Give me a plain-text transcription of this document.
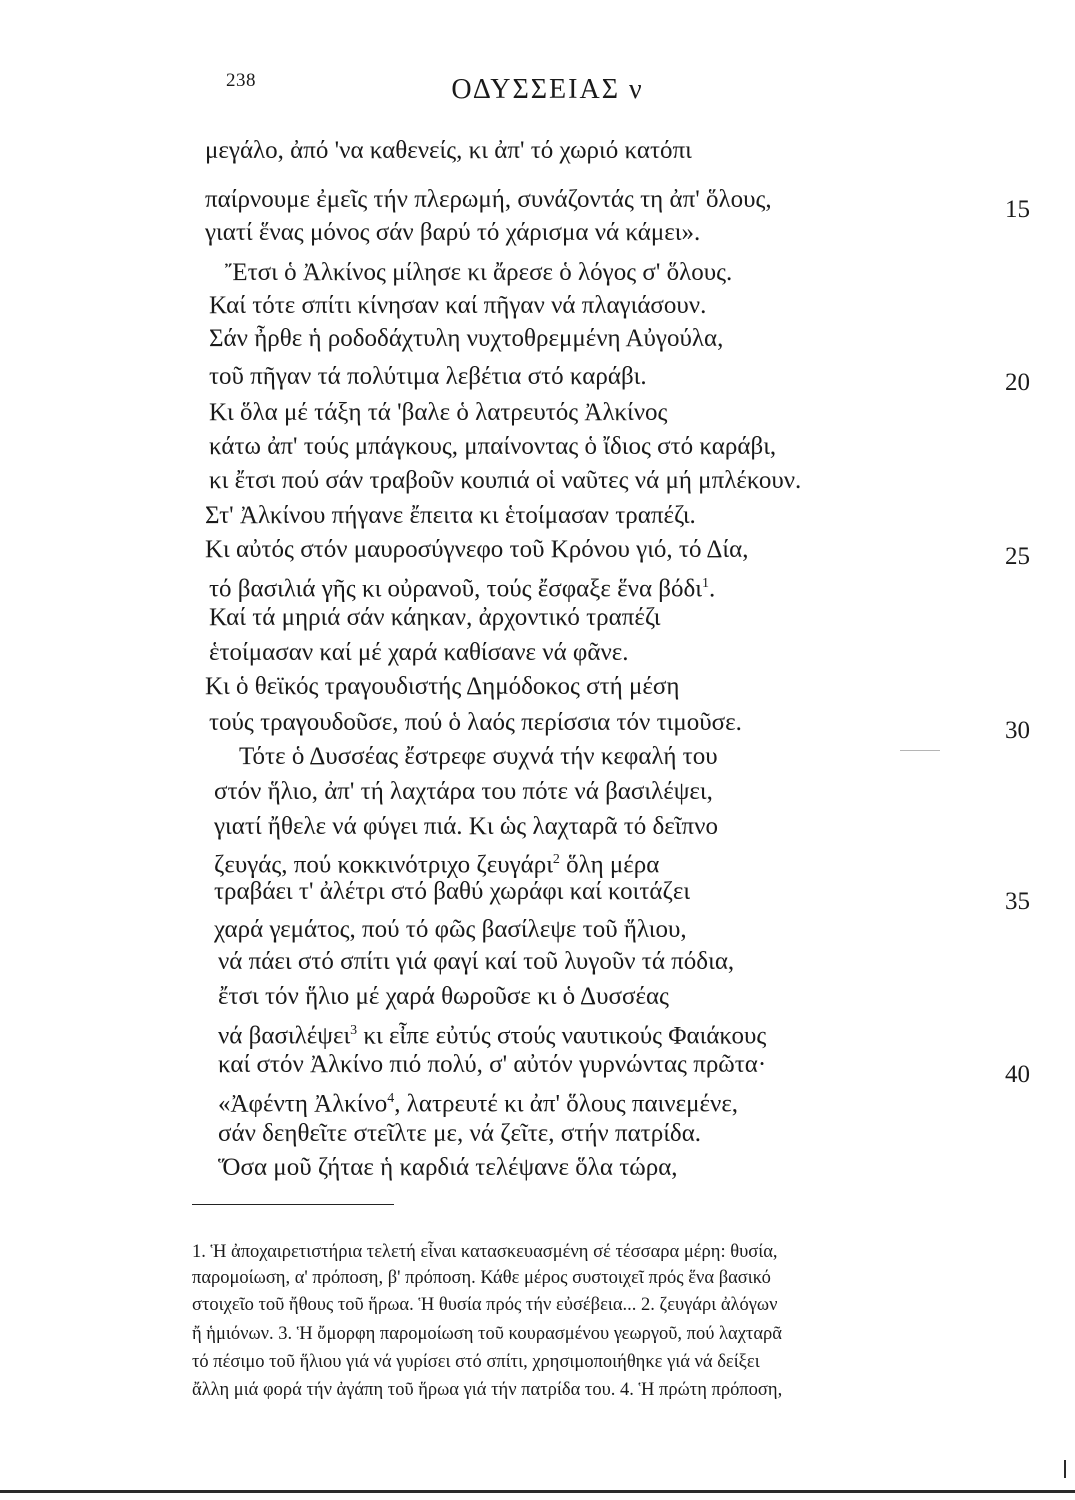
238	ΟΔΥΣΣΕΙΑΣ ν
μεγάλο, ἀπό 'να καθενείς, κι ἀπ' τό χωριό κατόπι
παίρνουμε ἐμεῖς τήν πλερωμή, συνάζοντάς τη ἀπ' ὅλους,
γιατί ἕνας μόνος σάν βαρύ τό χάρισμα νά κάμει».
Ἔτσι ὁ Ἀλκίνος μίλησε κι ἄρεσε ὁ λόγος σ' ὅλους.
Καί τότε σπίτι κίνησαν καί πῆγαν νά πλαγιάσουν.
Σάν ἦρθε ἡ ροδοδάχτυλη νυχτοθρεμμένη Αὐγούλα,
τοῦ πῆγαν τά πολύτιμα λεβέτια στό καράβι.
Κι ὅλα μέ τάξη τά 'βαλε ὁ λατρευτός Ἀλκίνος
κάτω ἀπ' τούς μπάγκους, μπαίνοντας ὁ ἴδιος στό καράβι,
κι ἔτσι πού σάν τραβοῦν κουπιά οἱ ναῦτες νά μή μπλέκουν.
Στ' Ἀλκίνου πήγανε ἔπειτα κι ἑτοίμασαν τραπέζι.
Κι αὐτός στόν μαυροσύγνεφο τοῦ Κρόνου γιό, τό Δία,
τό βασιλιά γῆς κι οὐρανοῦ, τούς ἔσφαξε ἕνα βόδι$^1$.
Καί τά μηριά σάν κάηκαν, ἀρχοντικό τραπέζι
ἑτοίμασαν καί μέ χαρά καθίσανε νά φᾶνε.
Κι ὁ θεϊκός τραγουδιστής Δημόδοκος στή μέση
τούς τραγουδοῦσε, πού ὁ λαός περίσσια τόν τιμοῦσε.
Τότε ὁ Δυσσέας ἔστρεφε συχνά τήν κεφαλή του
στόν ἥλιο, ἀπ' τή λαχτάρα του πότε νά βασιλέψει,
γιατί ἤθελε νά φύγει πιά. Κι ὡς λαχταρᾶ τό δεῖπνο
ζευγάς, πού κοκκινότριχο ζευγάρι$^2$ ὅλη μέρα
τραβάει τ' ἀλέτρι στό βαθύ χωράφι καί κοιτάζει
χαρά γεμάτος, πού τό φῶς βασίλεψε τοῦ ἥλιου,
νά πάει στό σπίτι γιά φαγί καί τοῦ λυγοῦν τά πόδια,
ἔτσι τόν ἥλιο μέ χαρά θωροῦσε κι ὁ Δυσσέας
νά βασιλέψει$^3$ κι εἶπε εὐτύς στούς ναυτικούς Φαιάκους
καί στόν Ἀλκίνο πιό πολύ, σ' αὐτόν γυρνώντας πρῶτα·
«Ἀφέντη Ἀλκίνο$^4$, λατρευτέ κι ἀπ' ὅλους παινεμένε,
σάν δεηθεῖτε στεῖλτε με, νά ζεῖτε, στήν πατρίδα.
Ὅσα μοῦ ζήταε ἡ καρδιά τελέψανε ὅλα τώρα,
15
20
25
30
35
40
1. Ἡ ἀποχαιρετιστήρια τελετή εἶναι κατασκευασμένη σέ τέσσαρα μέρη: θυσία,
παρομοίωση, α' πρόποση, β' πρόποση. Κάθε μέρος συστοιχεῖ πρός ἕνα βασικό
στοιχεῖο τοῦ ἤθους τοῦ ἥρωα. Ἡ θυσία πρός τήν εὐσέβεια... 2. ζευγάρι ἀλόγων
ἤ ἡμιόνων. 3. Ἡ ὄμορφη παρομοίωση τοῦ κουρασμένου γεωργοῦ, πού λαχταρᾶ
τό πέσιμο τοῦ ἥλιου γιά νά γυρίσει στό σπίτι, χρησιμοποιήθηκε γιά νά δείξει
ἄλλη μιά φορά τήν ἀγάπη τοῦ ἥρωα γιά τήν πατρίδα του. 4. Ἡ πρώτη πρόποση,
